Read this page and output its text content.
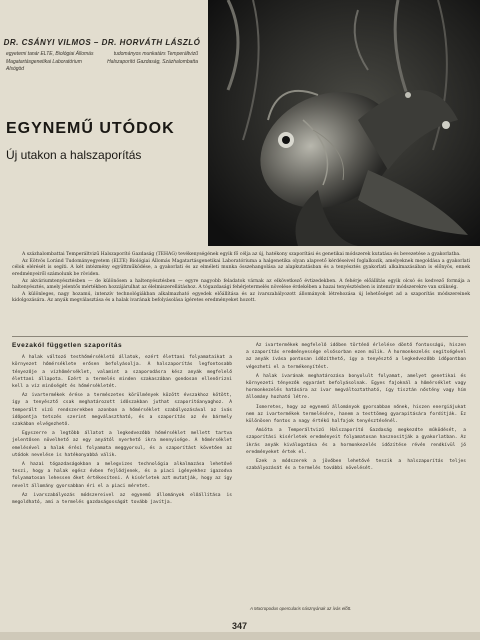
DR. CSÁNYI VILMOS – DR. HORVÁTH LÁSZLÓ
egyetemi tanár ELTE, Biológiai Állomás Magatartásgenetikai Laboratórium Alsógöd
tudományos munkatárs Temperáltvizű Halszaporító Gazdaság, Százhalombatta
EGYNEMŰ UTÓDOK
Új utakon a halszaporítás

A százhalombattai Temperáltvizű Halszaporító Gazdaság (TEHAG) tevékenységének egyik fő célja az új, hatékony szaporítási és genetikai módszerek kutatása és bevezetése a gyakorlatba.

Az Eötvös Loránd Tudományegyetem (ELTE) Biológiai Állomás Magatartásgenetikai Laboratóriuma a halgenetika olyan alapvető kérdéseivel foglalkozik, amelyeknek megoldása a gyakorlati célok elérését is segíti. A két intézmény együttműködése, a gyakorlati és az elméleti munka összehangolása az alapkutatásban és a tenyésztés gyakorlati alkalmazásában is előnyös, ennek eredményeiről számolunk be röviden.

Az akváriumtenyésztésben — de különösen a haltenyésztésben — egyre nagyobb feladatok várnak az elkövetkező évtizedekben. A fehérje előállítás egyik olcsó és kedvező formája a haltenyésztés, amely jelentős mértékben hozzájárulhat az élelmiszerellátáshoz. A tógazdasági fehérjetermelés növelése érdekében a hazai tenyésztésben is intenzív módszerekre van szükség.

A különleges, nagy hozamú, intenzív technológiákban alkalmazható egyedek előállítása és az ivarszabályozott állományok létrehozása új lehetőséget ad a szaporítás módszereinek kidolgozására. Az anyák megválasztása és a halak ivarának befolyásolása ígéretes eredményeket hozott.

Evezakól független szaporítás

A halak változó testhőmérsékletű állatok, ezért élettani folyamataikat a környezet hőmérséklete erősen befolyásolja. A halszaporítás legfontosabb tényezője a vízhőmérséklet, valamint a szaporodásra kész anyák megfelelő élettani állapota. Ezért a termelés minden szakaszában gondosan ellenőrizni kell a víz minőségét és hőmérsékletét.

Az ivartermékek érése a természetes körülmények között évszakhoz kötött, így a tenyésztő csak meghatározott időszakban juthat szaporítóanyaghoz. A temperált vizű rendszerekben azonban a hőmérséklet szabályozásával az ívás időpontja tetszés szerint megválasztható, és a szaporítás az év bármely szakában elvégezhető.

Egyszerre a legtöbb állatot a legkedvezőbb hőmérséklet mellett tartva jelentősen növelhető az egy anyától nyerhető ikra mennyisége. A hőmérséklet emelésével a halak érési folyamata meggyorsul, és a szaporítást követően az utódok nevelése is hatékonyabbá válik.

A hazai tógazdaságokban a melegvizes technológia alkalmazása lehetővé teszi, hogy a halak egész évben fejlődjenek, és a piaci igényekhez igazodva folyamatosan lehessen őket értékesíteni. A kísérletek azt mutatják, hogy az így nevelt állomány gyorsabban éri el a piaci méretet.

Az ivarszabályozás módszereivel az egynemű állományok előállítása is megoldható, ami a termelés gazdaságosságát tovább javítja.

Az ivartermékek megfelelő időben történő érlelése döntő fontosságú, hiszen a szaporítás eredményessége elsősorban ezen múlik. A hormonkezelés segítségével az anyák ívása pontosan időzíthető, így a tenyésztő a legkedvezőbb időpontban végezheti el a termékenyítést.

A halak ivarának meghatározása bonyolult folyamat, amelyet genetikai és környezeti tényezők egyaránt befolyásolnak. Egyes fajoknál a hőmérséklet vagy hormonkezelés hatására az ivar megváltoztatható, így tisztán nőstény vagy hím állomány hozható létre.

Ismeretes, hogy az egynemű állományok gyorsabban nőnek, hiszen energiájukat nem az ivartermékek termelésére, hanem a testtömeg gyarapítására fordítják. Ez különösen fontos a nagy értékű halfajok tenyésztésénél.

Amióta a Temperáltvizű Halszaporító Gazdaság megkezdte működését, a szaporítási kísérletek eredményeit folyamatosan hasznosítják a gyakorlatban. Az ikrás anyák kiválogatása és a hormonkezelés időzítése révén rendkívül jó eredményeket értek el.

Ezek a módszerek a jövőben lehetővé teszik a halszaporítás teljes szabályozását és a termelés további növelését.

A Macropodus opercularis násznyának az ívás előtt.
347
